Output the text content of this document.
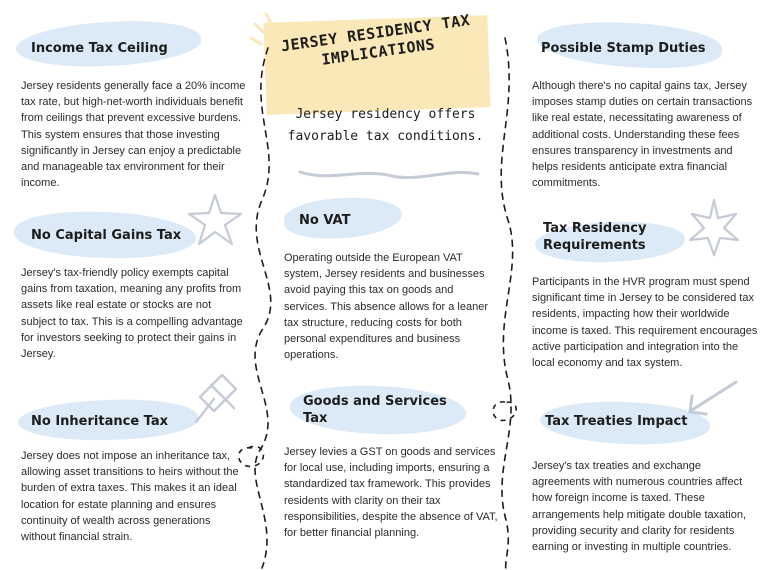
JERSEY RESIDENCY TAX IMPLICATIONS
Jersey residency offers favorable tax conditions.
Income Tax Ceiling

Jersey residents generally face a 20% income tax rate, but high-net-worth individuals benefit from ceilings that prevent excessive burdens. This system ensures that those investing significantly in Jersey can enjoy a predictable and manageable tax environment for their income.

No Capital Gains Tax

Jersey's tax-friendly policy exempts capital gains from taxation, meaning any profits from assets like real estate or stocks are not subject to tax. This is a compelling advantage for investors seeking to protect their gains in Jersey.

No Inheritance Tax

Jersey does not impose an inheritance tax, allowing asset transitions to heirs without the burden of extra taxes. This makes it an ideal location for estate planning and ensures continuity of wealth across generations without financial strain.

No VAT

Operating outside the European VAT system, Jersey residents and businesses avoid paying this tax on goods and services. This absence allows for a leaner tax structure, reducing costs for both personal expenditures and business operations.

Goods and Services Tax

Jersey levies a GST on goods and services for local use, including imports, ensuring a standardized tax framework. This provides residents with clarity on their tax responsibilities, despite the absence of VAT, for better financial planning.

Possible Stamp Duties

Although there's no capital gains tax, Jersey imposes stamp duties on certain transactions like real estate, necessitating awareness of additional costs. Understanding these fees ensures transparency in investments and helps residents anticipate extra financial commitments.

Tax Residency Requirements

Participants in the HVR program must spend significant time in Jersey to be considered tax residents, impacting how their worldwide income is taxed. This requirement encourages active participation and integration into the local economy and tax system.

Tax Treaties Impact

Jersey's tax treaties and exchange agreements with numerous countries affect how foreign income is taxed. These arrangements help mitigate double taxation, providing security and clarity for residents earning or investing in multiple countries.
